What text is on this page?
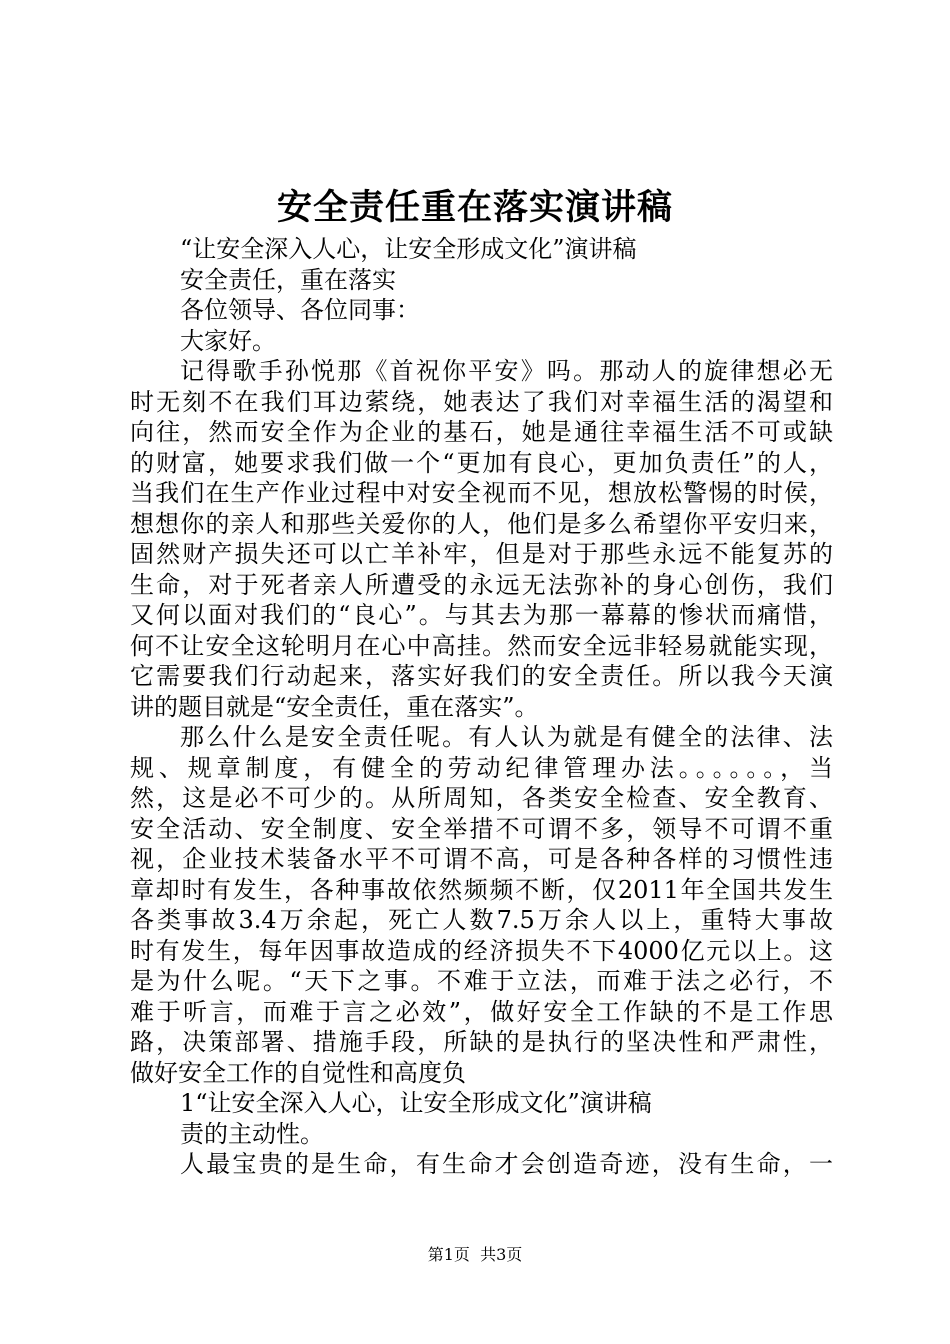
安全责任重在落实演讲稿
“让安全深入人心，让安全形成文化”演讲稿
安全责任，重在落实
各位领导、各位同事：
大家好。
记得歌手孙悦那《首祝你平安》吗。那动人的旋律想必无
时无刻不在我们耳边萦绕，她表达了我们对幸福生活的渴望和
向往，然而安全作为企业的基石，她是通往幸福生活不可或缺
的财富，她要求我们做一个“更加有良心，更加负责任”的人，
当我们在生产作业过程中对安全视而不见，想放松警惕的时侯，
想想你的亲人和那些关爱你的人，他们是多么希望你平安归来，
固然财产损失还可以亡羊补牢，但是对于那些永远不能复苏的
生命，对于死者亲人所遭受的永远无法弥补的身心创伤，我们
又何以面对我们的“良心”。与其去为那一幕幕的惨状而痛惜，
何不让安全这轮明月在心中高挂。然而安全远非轻易就能实现，
它需要我们行动起来，落实好我们的安全责任。所以我今天演
讲的题目就是“安全责任，重在落实”。
那么什么是安全责任呢。有人认为就是有健全的法律、法
规、规章制度，有健全的劳动纪律管理办法。。。。。。，当
然，这是必不可少的。从所周知，各类安全检查、安全教育、
安全活动、安全制度、安全举措不可谓不多，领导不可谓不重
视，企业技术装备水平不可谓不高，可是各种各样的习惯性违
章却时有发生，各种事故依然频频不断，仅2011年全国共发生
各类事故3.4万余起，死亡人数7.5万余人以上，重特大事故
时有发生，每年因事故造成的经济损失不下4000亿元以上。这
是为什么呢。“天下之事。不难于立法，而难于法之必行，不
难于听言，而难于言之必效”，做好安全工作缺的不是工作思
路，决策部署、措施手段，所缺的是执行的坚决性和严肃性，
做好安全工作的自觉性和高度负
1“让安全深入人心，让安全形成文化”演讲稿
责的主动性。
人最宝贵的是生命，有生命才会创造奇迹，没有生命，一
第1页  共3页
